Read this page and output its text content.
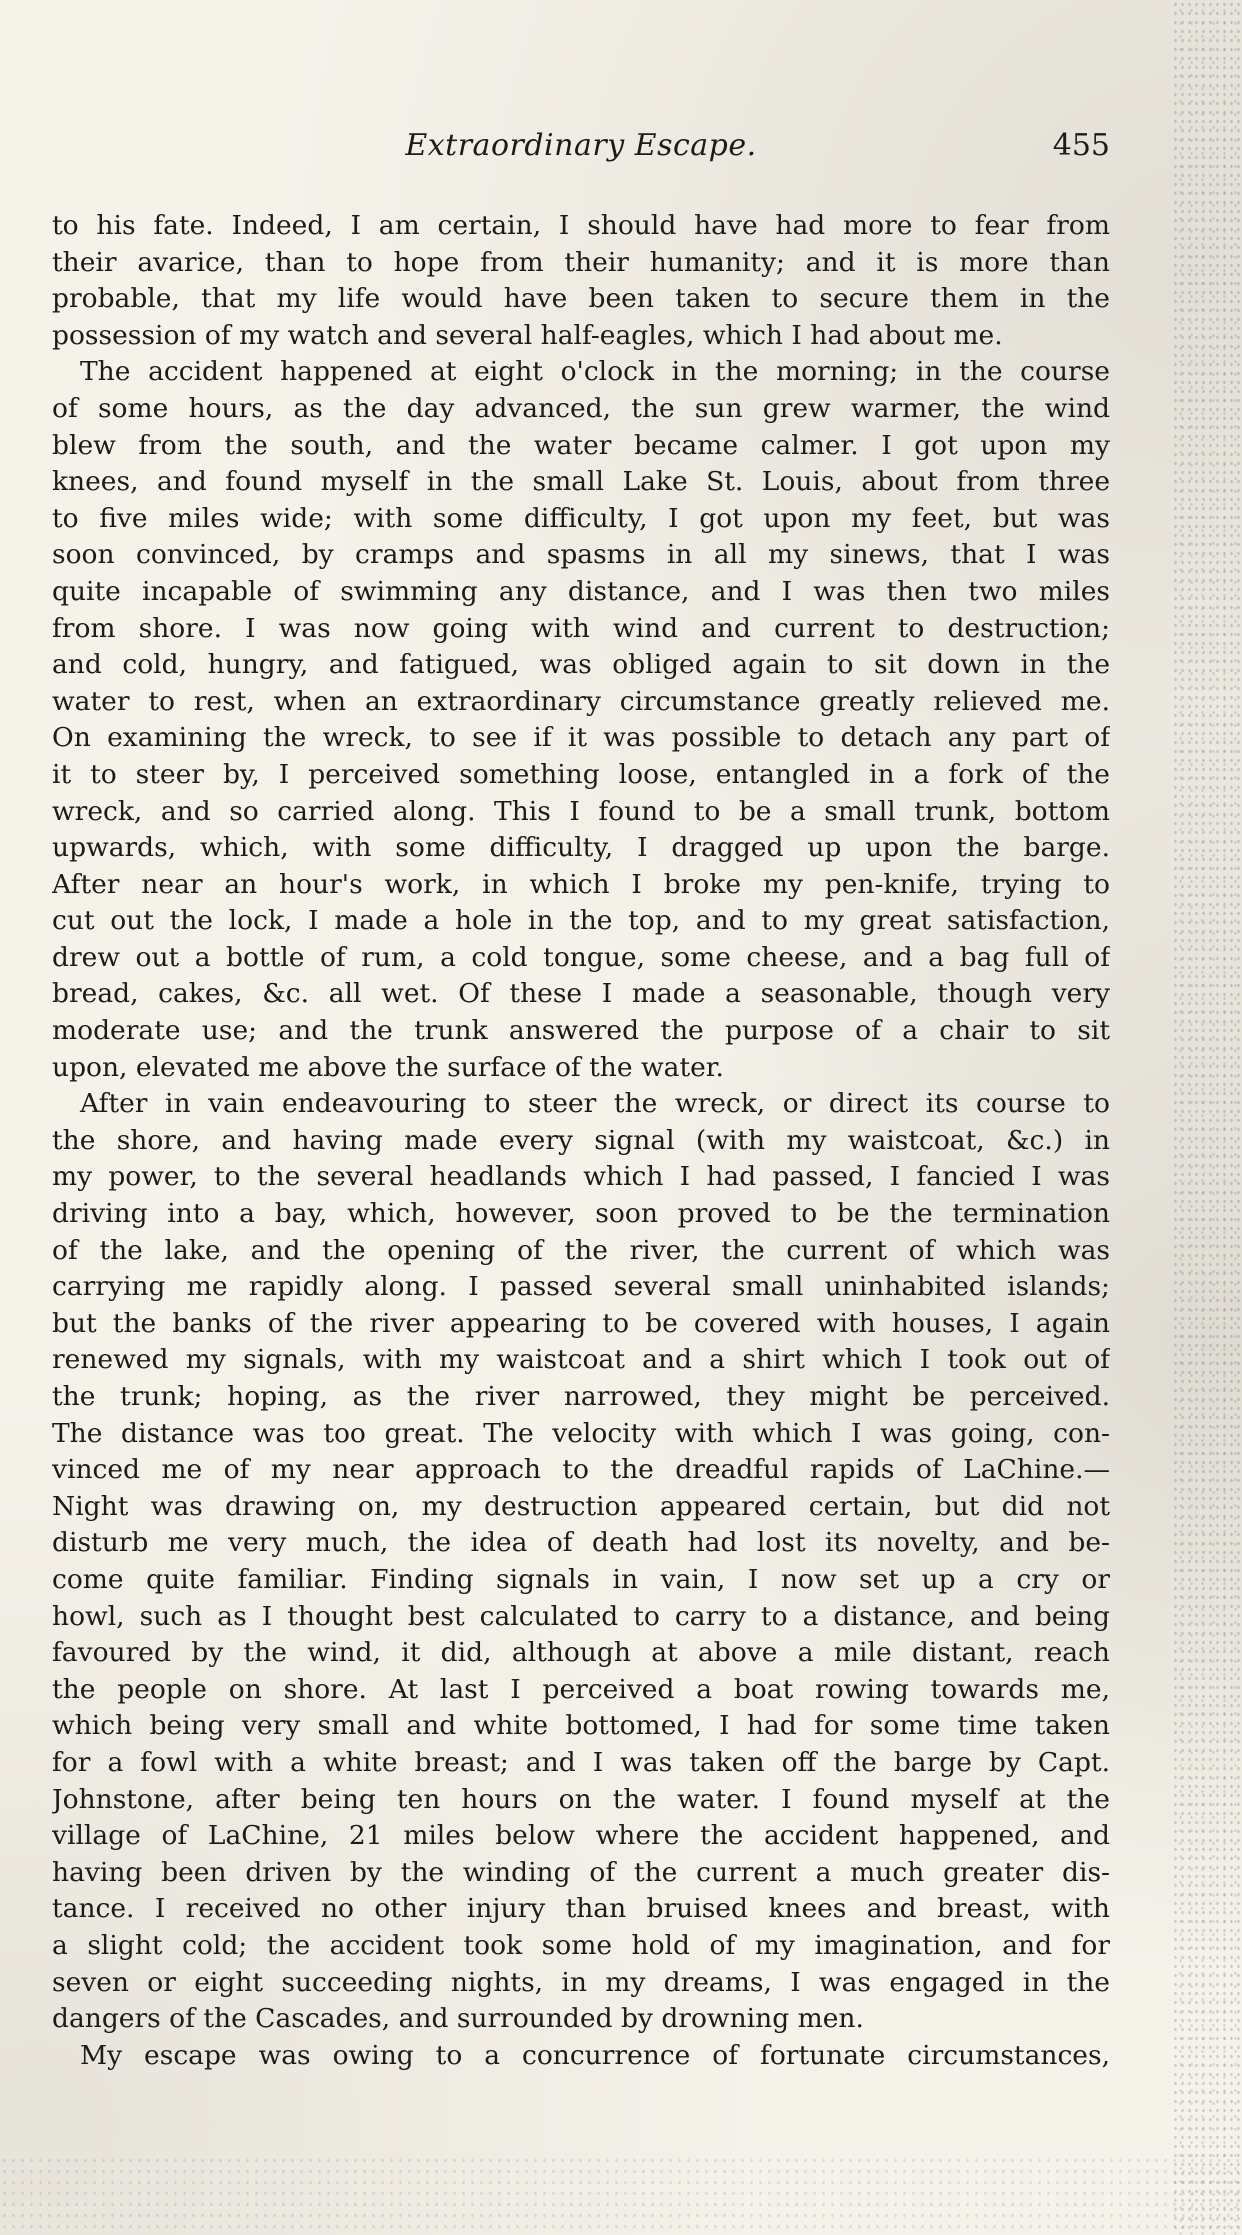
Extraordinary Escape.	455
to his fate. Indeed, I am certain, I should have had more to fear from
their avarice, than to hope from their humanity; and it is more than
probable, that my life would have been taken to secure them in the
possession of my watch and several half-eagles, which I had about me.
The accident happened at eight o'clock in the morning; in the course
of some hours, as the day advanced, the sun grew warmer, the wind
blew from the south, and the water became calmer. I got upon my
knees, and found myself in the small Lake St. Louis, about from three
to five miles wide; with some difficulty, I got upon my feet, but was
soon convinced, by cramps and spasms in all my sinews, that I was
quite incapable of swimming any distance, and I was then two miles
from shore. I was now going with wind and current to destruction;
and cold, hungry, and fatigued, was obliged again to sit down in the
water to rest, when an extraordinary circumstance greatly relieved me.
On examining the wreck, to see if it was possible to detach any part of
it to steer by, I perceived something loose, entangled in a fork of the
wreck, and so carried along. This I found to be a small trunk, bottom
upwards, which, with some difficulty, I dragged up upon the barge.
After near an hour's work, in which I broke my pen-knife, trying to
cut out the lock, I made a hole in the top, and to my great satisfaction,
drew out a bottle of rum, a cold tongue, some cheese, and a bag full of
bread, cakes, &c. all wet. Of these I made a seasonable, though very
moderate use; and the trunk answered the purpose of a chair to sit
upon, elevated me above the surface of the water.
After in vain endeavouring to steer the wreck, or direct its course to
the shore, and having made every signal (with my waistcoat, &c.) in
my power, to the several headlands which I had passed, I fancied I was
driving into a bay, which, however, soon proved to be the termination
of the lake, and the opening of the river, the current of which was
carrying me rapidly along. I passed several small uninhabited islands;
but the banks of the river appearing to be covered with houses, I again
renewed my signals, with my waistcoat and a shirt which I took out of
the trunk; hoping, as the river narrowed, they might be perceived.
The distance was too great. The velocity with which I was going, con-
vinced me of my near approach to the dreadful rapids of LaChine.—
Night was drawing on, my destruction appeared certain, but did not
disturb me very much, the idea of death had lost its novelty, and be-
come quite familiar. Finding signals in vain, I now set up a cry or
howl, such as I thought best calculated to carry to a distance, and being
favoured by the wind, it did, although at above a mile distant, reach
the people on shore. At last I perceived a boat rowing towards me,
which being very small and white bottomed, I had for some time taken
for a fowl with a white breast; and I was taken off the barge by Capt.
Johnstone, after being ten hours on the water. I found myself at the
village of LaChine, 21 miles below where the accident happened, and
having been driven by the winding of the current a much greater dis-
tance. I received no other injury than bruised knees and breast, with
a slight cold; the accident took some hold of my imagination, and for
seven or eight succeeding nights, in my dreams, I was engaged in the
dangers of the Cascades, and surrounded by drowning men.
My escape was owing to a concurrence of fortunate circumstances,
